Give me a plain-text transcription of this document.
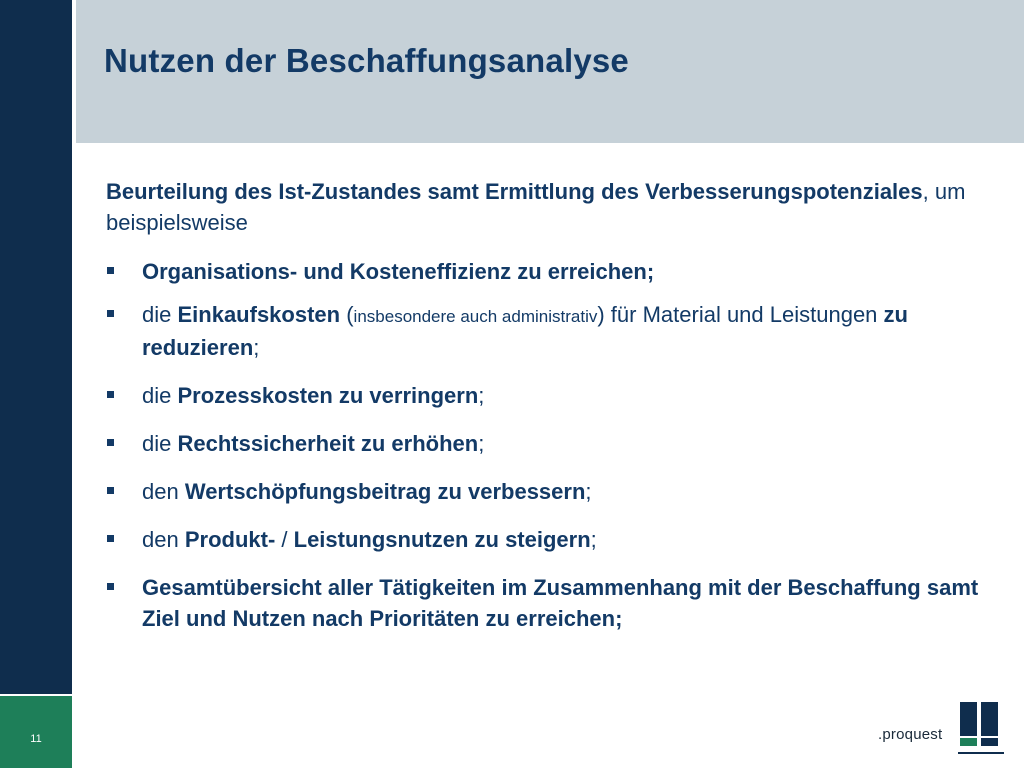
11
Nutzen der Beschaffungsanalyse
Beurteilung des Ist-Zustandes samt Ermittlung des Verbesserungspotenziales, um beispielsweise
Organisations- und Kosteneffizienz zu erreichen;
die Einkaufskosten (insbesondere auch administrativ) für Material und Leistungen zu reduzieren;
die Prozesskosten zu verringern;
die Rechtssicherheit zu erhöhen;
den Wertschöpfungsbeitrag zu verbessern;
den Produkt- / Leistungsnutzen zu steigern;
Gesamtübersicht aller Tätigkeiten im Zusammenhang mit der Beschaffung samt Ziel und Nutzen nach Prioritäten zu erreichen;
.proquest
